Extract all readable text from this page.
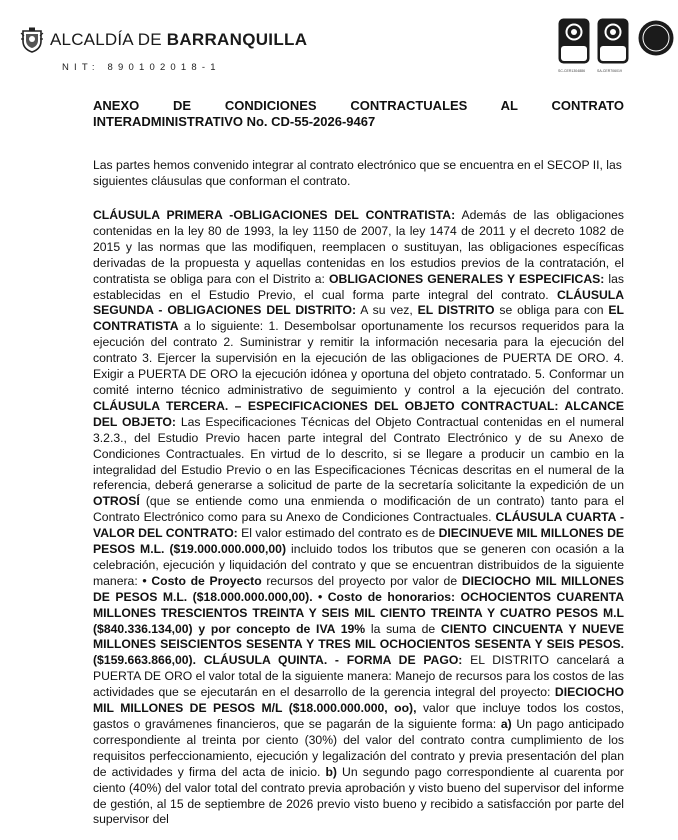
ALCALDÍA DE BARRANQUILLA
NIT: 890102018-1	SC-CER1304886	SA-CER706019

ANEXO DE CONDICIONES CONTRACTUALES AL CONTRATO

INTERADMINISTRATIVO No. CD-55-2026-9467

Las partes hemos convenido integrar al contrato electrónico que se encuentra en el SECOP II, las siguientes cláusulas que conforman el contrato.

CLÁUSULA PRIMERA -OBLIGACIONES DEL CONTRATISTA: Además de las obligaciones contenidas en la ley 80 de 1993, la ley 1150 de 2007, la ley 1474 de 2011 y el decreto 1082 de 2015 y las normas que las modifiquen, reemplacen o sustituyan, las obligaciones específicas derivadas de la propuesta y aquellas contenidas en los estudios previos de la contratación, el contratista se obliga para con el Distrito a: OBLIGACIONES GENERALES Y ESPECIFICAS: las establecidas en el Estudio Previo, el cual forma parte integral del contrato. CLÁUSULA SEGUNDA - OBLIGACIONES DEL DISTRITO: A su vez, EL DISTRITO se obliga para con EL CONTRATISTA a lo siguiente: 1. Desembolsar oportunamente los recursos requeridos para la ejecución del contrato 2. Suministrar y remitir la información necesaria para la ejecución del contrato 3. Ejercer la supervisión en la ejecución de las obligaciones de PUERTA DE ORO. 4. Exigir a PUERTA DE ORO la ejecución idónea y oportuna del objeto contratado. 5. Conformar un comité interno técnico administrativo de seguimiento y control a la ejecución del contrato. CLÁUSULA TERCERA. – ESPECIFICACIONES DEL OBJETO CONTRACTUAL: ALCANCE DEL OBJETO: Las Especificaciones Técnicas del Objeto Contractual contenidas en el numeral 3.2.3., del Estudio Previo hacen parte integral del Contrato Electrónico y de su Anexo de Condiciones Contractuales. En virtud de lo descrito, si se llegare a producir un cambio en la integralidad del Estudio Previo o en las Especificaciones Técnicas descritas en el numeral de la referencia, deberá generarse a solicitud de parte de la secretaría solicitante la expedición de un OTROSÍ (que se entiende como una enmienda o modificación de un contrato) tanto para el Contrato Electrónico como para su Anexo de Condiciones Contractuales. CLÁUSULA CUARTA -VALOR DEL CONTRATO: El valor estimado del contrato es de DIECINUEVE MIL MILLONES DE PESOS M.L. ($19.000.000.000,00) incluido todos los tributos que se generen con ocasión a la celebración, ejecución y liquidación del contrato y que se encuentran distribuidos de la siguiente manera: • Costo de Proyecto recursos del proyecto por valor de DIECIOCHO MIL MILLONES DE PESOS M.L. ($18.000.000.000,00). • Costo de honorarios: OCHOCIENTOS CUARENTA MILLONES TRESCIENTOS TREINTA Y SEIS MIL CIENTO TREINTA Y CUATRO PESOS M.L ($840.336.134,00) y por concepto de IVA 19% la suma de CIENTO CINCUENTA Y NUEVE MILLONES SEISCIENTOS SESENTA Y TRES MIL OCHOCIENTOS SESENTA Y SEIS PESOS. ($159.663.866,00). CLÁUSULA QUINTA. - FORMA DE PAGO: EL DISTRITO cancelará a PUERTA DE ORO el valor total de la siguiente manera: Manejo de recursos para los costos de las actividades que se ejecutarán en el desarrollo de la gerencia integral del proyecto: DIECIOCHO MIL MILLONES DE PESOS M/L ($18.000.000.000, oo), valor que incluye todos los costos, gastos o gravámenes financieros, que se pagarán de la siguiente forma: a) Un pago anticipado correspondiente al treinta por ciento (30%) del valor del contrato contra cumplimiento de los requisitos perfeccionamiento, ejecución y legalización del contrato y previa presentación del plan de actividades y firma del acta de inicio. b) Un segundo pago correspondiente al cuarenta por ciento (40%) del valor total del contrato previa aprobación y visto bueno del supervisor del informe de gestión, al 15 de septiembre de 2026 previo visto bueno y recibido a satisfacción por parte del supervisor del
